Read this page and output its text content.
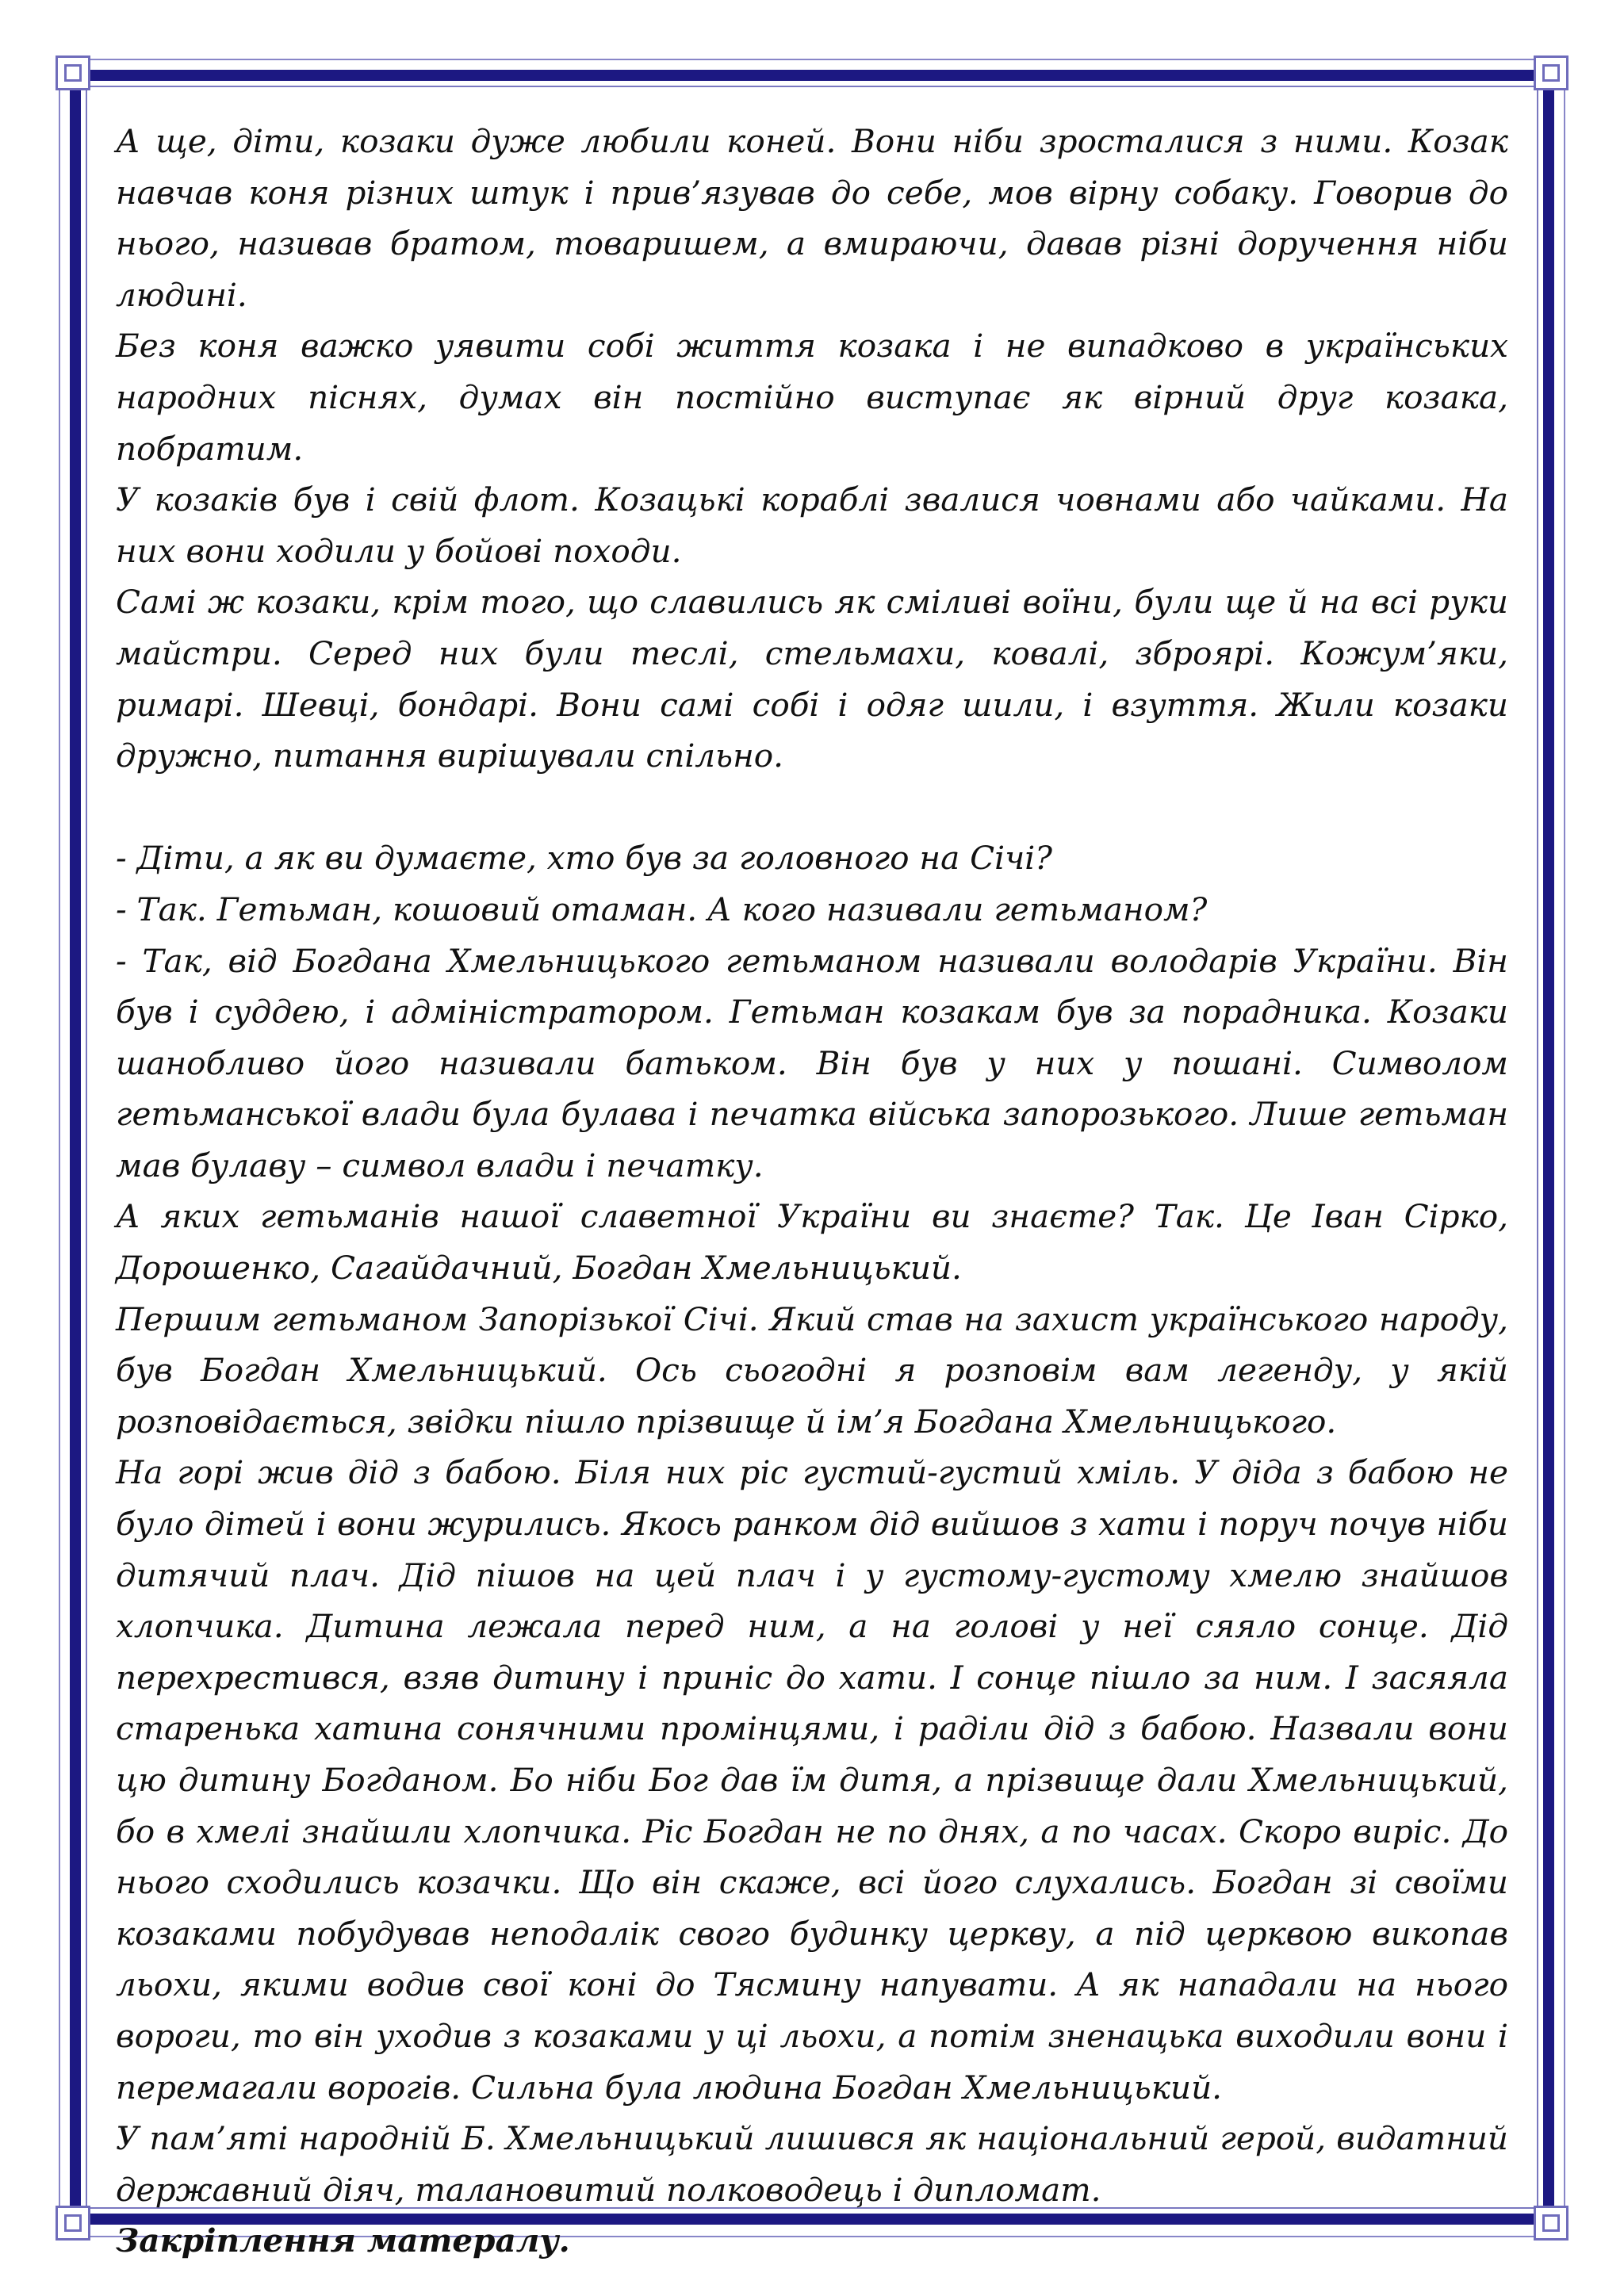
А ще, діти, козаки дуже любили коней. Вони ніби зросталися з ними. Козак навчав коня різних штук і прив’язував до себе, мов вірну собаку. Говорив до нього, називав братом, товаришем, а вмираючи, давав різні доручення ніби людині.

Без коня важко уявити собі життя козака і не випадково в українських народних піснях, думах він постійно виступає як вірний друг козака, побратим.

У козаків був і свій флот. Козацькі кораблі звалися човнами або чайками. На них вони ходили у бойові походи.

Самі ж козаки, крім того, що славились як сміливі воїни, були ще й на всі руки майстри. Серед них були теслі, стельмахи, ковалі, зброярі. Кожум’яки, римарі. Шевці, бондарі. Вони самі собі і одяг шили, і взуття. Жили козаки дружно, питання вирішували спільно.

- Діти, а як ви думаєте, хто був за головного на Січі?

- Так. Гетьман, кошовий отаман. А кого називали гетьманом?

- Так, від Богдана Хмельницького гетьманом називали володарів України. Він був і суддею, і адміністратором. Гетьман козакам був за порадника. Козаки шанобливо його називали батьком. Він був у них у пошані. Символом гетьманської влади була булава і печатка війська запорозького. Лише гетьман мав булаву – символ влади і печатку.

А яких гетьманів нашої славетної України ви знаєте? Так. Це Іван Сірко, Дорошенко, Сагайдачний, Богдан Хмельницький.

Першим гетьманом Запорізької Січі. Який став на захист українського народу, був Богдан Хмельницький. Ось сьогодні я розповім вам легенду, у якій розповідається, звідки пішло прізвище й ім’я Богдана Хмельницького.

На горі жив дід з бабою. Біля них ріс густий-густий хміль. У діда з бабою не було дітей і вони журились. Якось ранком дід вийшов з хати і поруч почув ніби дитячий плач. Дід пішов на цей плач і у густому-густому хмелю знайшов хлопчика. Дитина лежала перед ним, а на голові у неї сяяло сонце. Дід перехрестився, взяв дитину і приніс до хати. І сонце пішло за ним. І засяяла старенька хатина сонячними промінцями, і раділи дід з бабою. Назвали вони цю дитину Богданом. Бо ніби Бог дав їм дитя, а прізвище дали Хмельницький, бо в хмелі знайшли хлопчика. Ріс Богдан не по днях, а по часах. Скоро виріс. До нього сходились козачки. Що він скаже, всі його слухались. Богдан зі своїми козаками побудував неподалік свого будинку церкву, а під церквою викопав льохи, якими водив свої коні до Тясмину напувати. А як нападали на нього вороги, то він уходив з козаками у ці льохи, а потім зненацька виходили вони і перемагали ворогів. Сильна була людина Богдан Хмельницький.

У пам’яті народній Б. Хмельницький лишився як національний герой, видатний державний діяч, талановитий полководець і дипломат.

Закріплення матералу.
